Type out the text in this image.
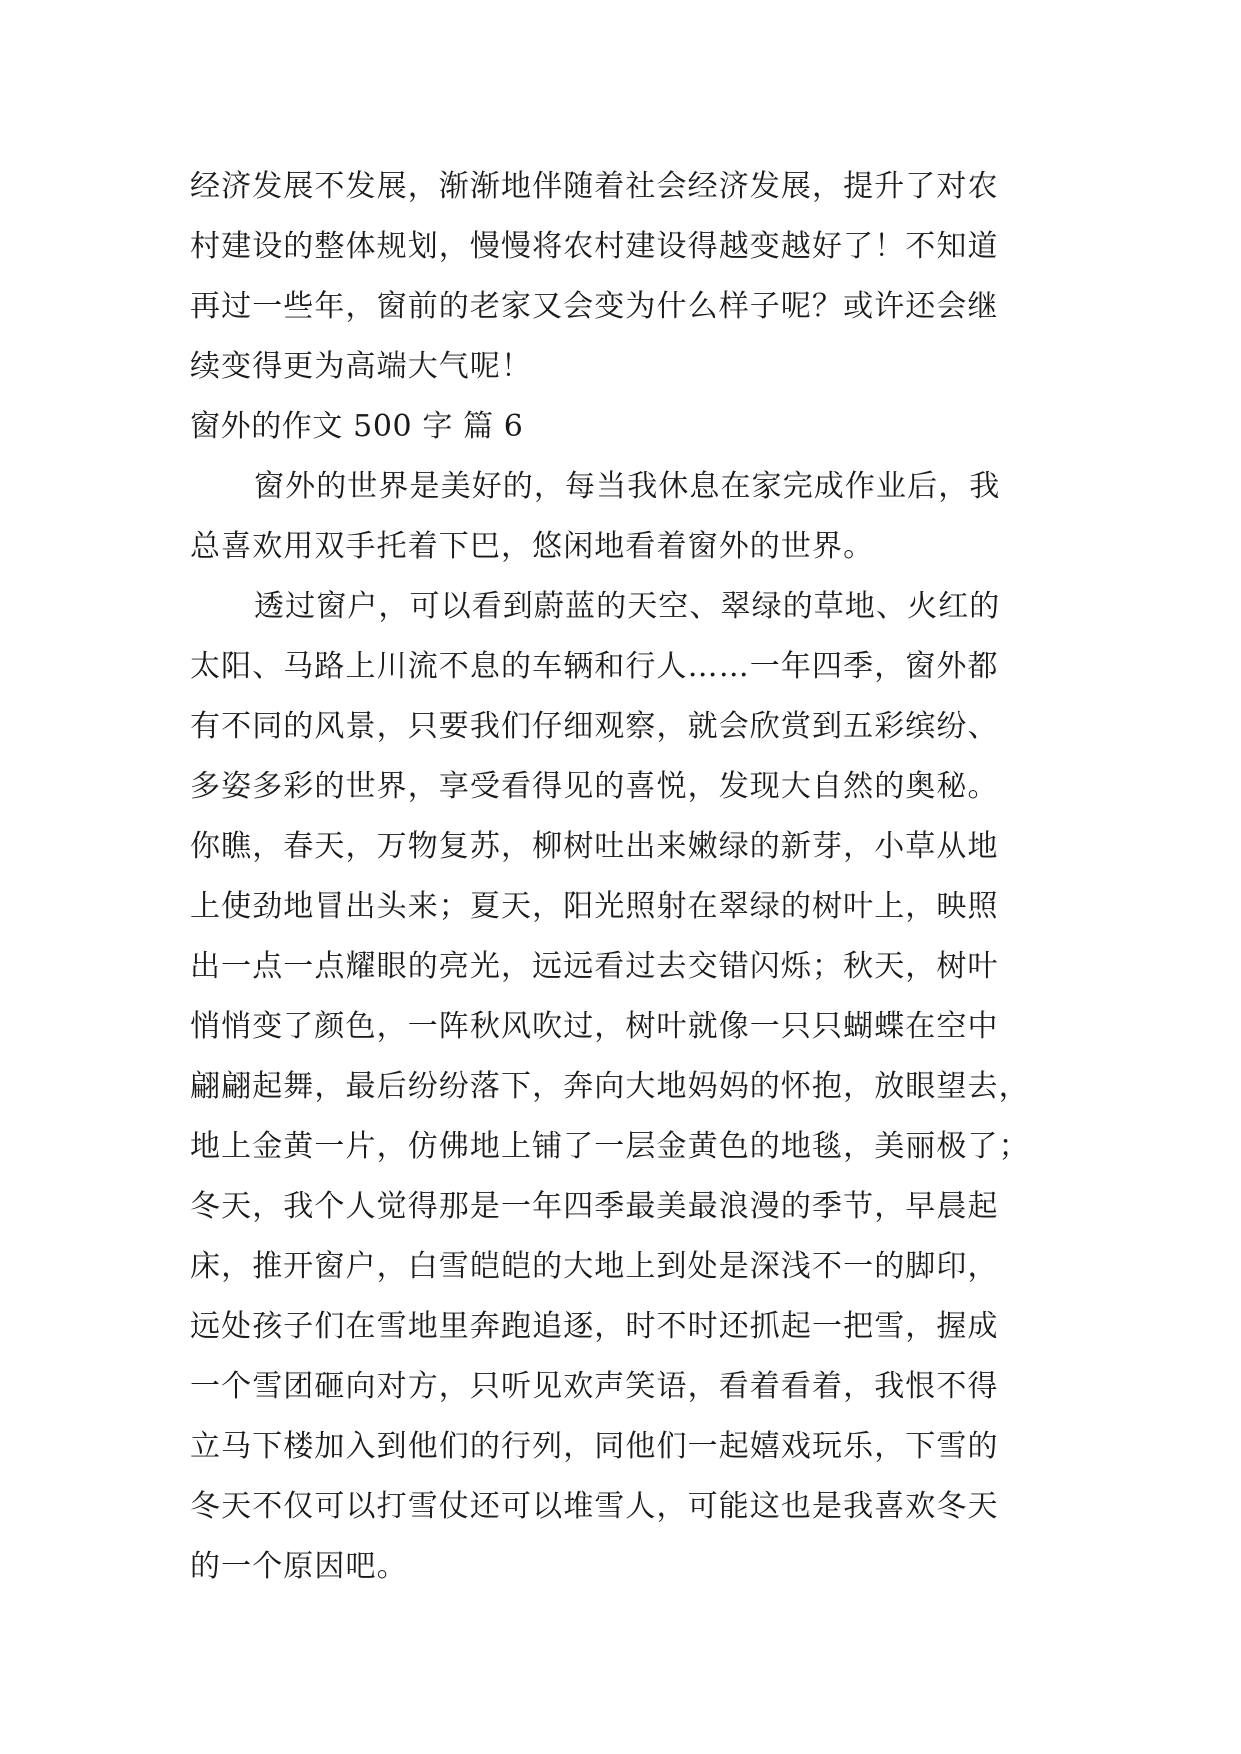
经济发展不发展，渐渐地伴随着社会经济发展，提升了对农
村建设的整体规划，慢慢将农村建设得越变越好了！不知道
再过一些年，窗前的老家又会变为什么样子呢？或许还会继
续变得更为高端大气呢！
窗外的作文 500 字 篇 6
窗外的世界是美好的，每当我休息在家完成作业后，我
总喜欢用双手托着下巴，悠闲地看着窗外的世界。
透过窗户，可以看到蔚蓝的天空、翠绿的草地、火红的
太阳、马路上川流不息的车辆和行人……一年四季，窗外都
有不同的风景，只要我们仔细观察，就会欣赏到五彩缤纷、
多姿多彩的世界，享受看得见的喜悦，发现大自然的奥秘。
你瞧，春天，万物复苏，柳树吐出来嫩绿的新芽，小草从地
上使劲地冒出头来；夏天，阳光照射在翠绿的树叶上，映照
出一点一点耀眼的亮光，远远看过去交错闪烁；秋天，树叶
悄悄变了颜色，一阵秋风吹过，树叶就像一只只蝴蝶在空中
翩翩起舞，最后纷纷落下，奔向大地妈妈的怀抱，放眼望去，
地上金黄一片，仿佛地上铺了一层金黄色的地毯，美丽极了；
冬天，我个人觉得那是一年四季最美最浪漫的季节，早晨起
床，推开窗户，白雪皑皑的大地上到处是深浅不一的脚印，
远处孩子们在雪地里奔跑追逐，时不时还抓起一把雪，握成
一个雪团砸向对方，只听见欢声笑语，看着看着，我恨不得
立马下楼加入到他们的行列，同他们一起嬉戏玩乐，下雪的
冬天不仅可以打雪仗还可以堆雪人，可能这也是我喜欢冬天
的一个原因吧。
